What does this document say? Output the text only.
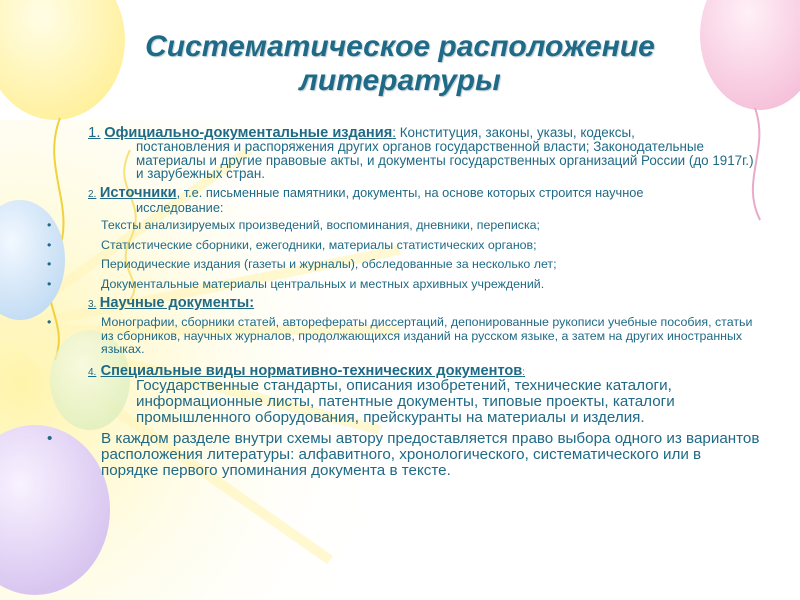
Систематическое расположение литературы
1. Официально-документальные издания: Конституция, законы, указы, кодексы,
постановления и распоряжения других органов государственной власти; Законодательные материалы и другие правовые акты, и документы государственных организаций России (до 1917г.) и зарубежных стран.
2. Источники, т.е. письменные памятники, документы, на основе которых строится научное
исследование:
• Тексты анализируемых произведений, воспоминания, дневники, переписка;
• Статистические сборники, ежегодники, материалы статистических органов;
• Периодические издания (газеты и журналы), обследованные за несколько лет;
• Документальные материалы центральных и местных архивных учреждений.
3. Научные документы:
• Монографии, сборники статей, авторефераты диссертаций, депонированные рукописи учебные пособия, статьи из сборников, научных журналов, продолжающихся изданий на русском языке, а затем на других иностранных языках.
4. Специальные виды нормативно-технических документов:
Государственные стандарты, описания изобретений, технические каталоги, информационные листы, патентные документы, типовые проекты, каталоги промышленного оборудования, прейскуранты на материалы и изделия.
• В каждом разделе внутри схемы автору предоставляется право выбора одного из вариантов расположения литературы: алфавитного, хронологического, систематического или в порядке первого упоминания документа в тексте.
